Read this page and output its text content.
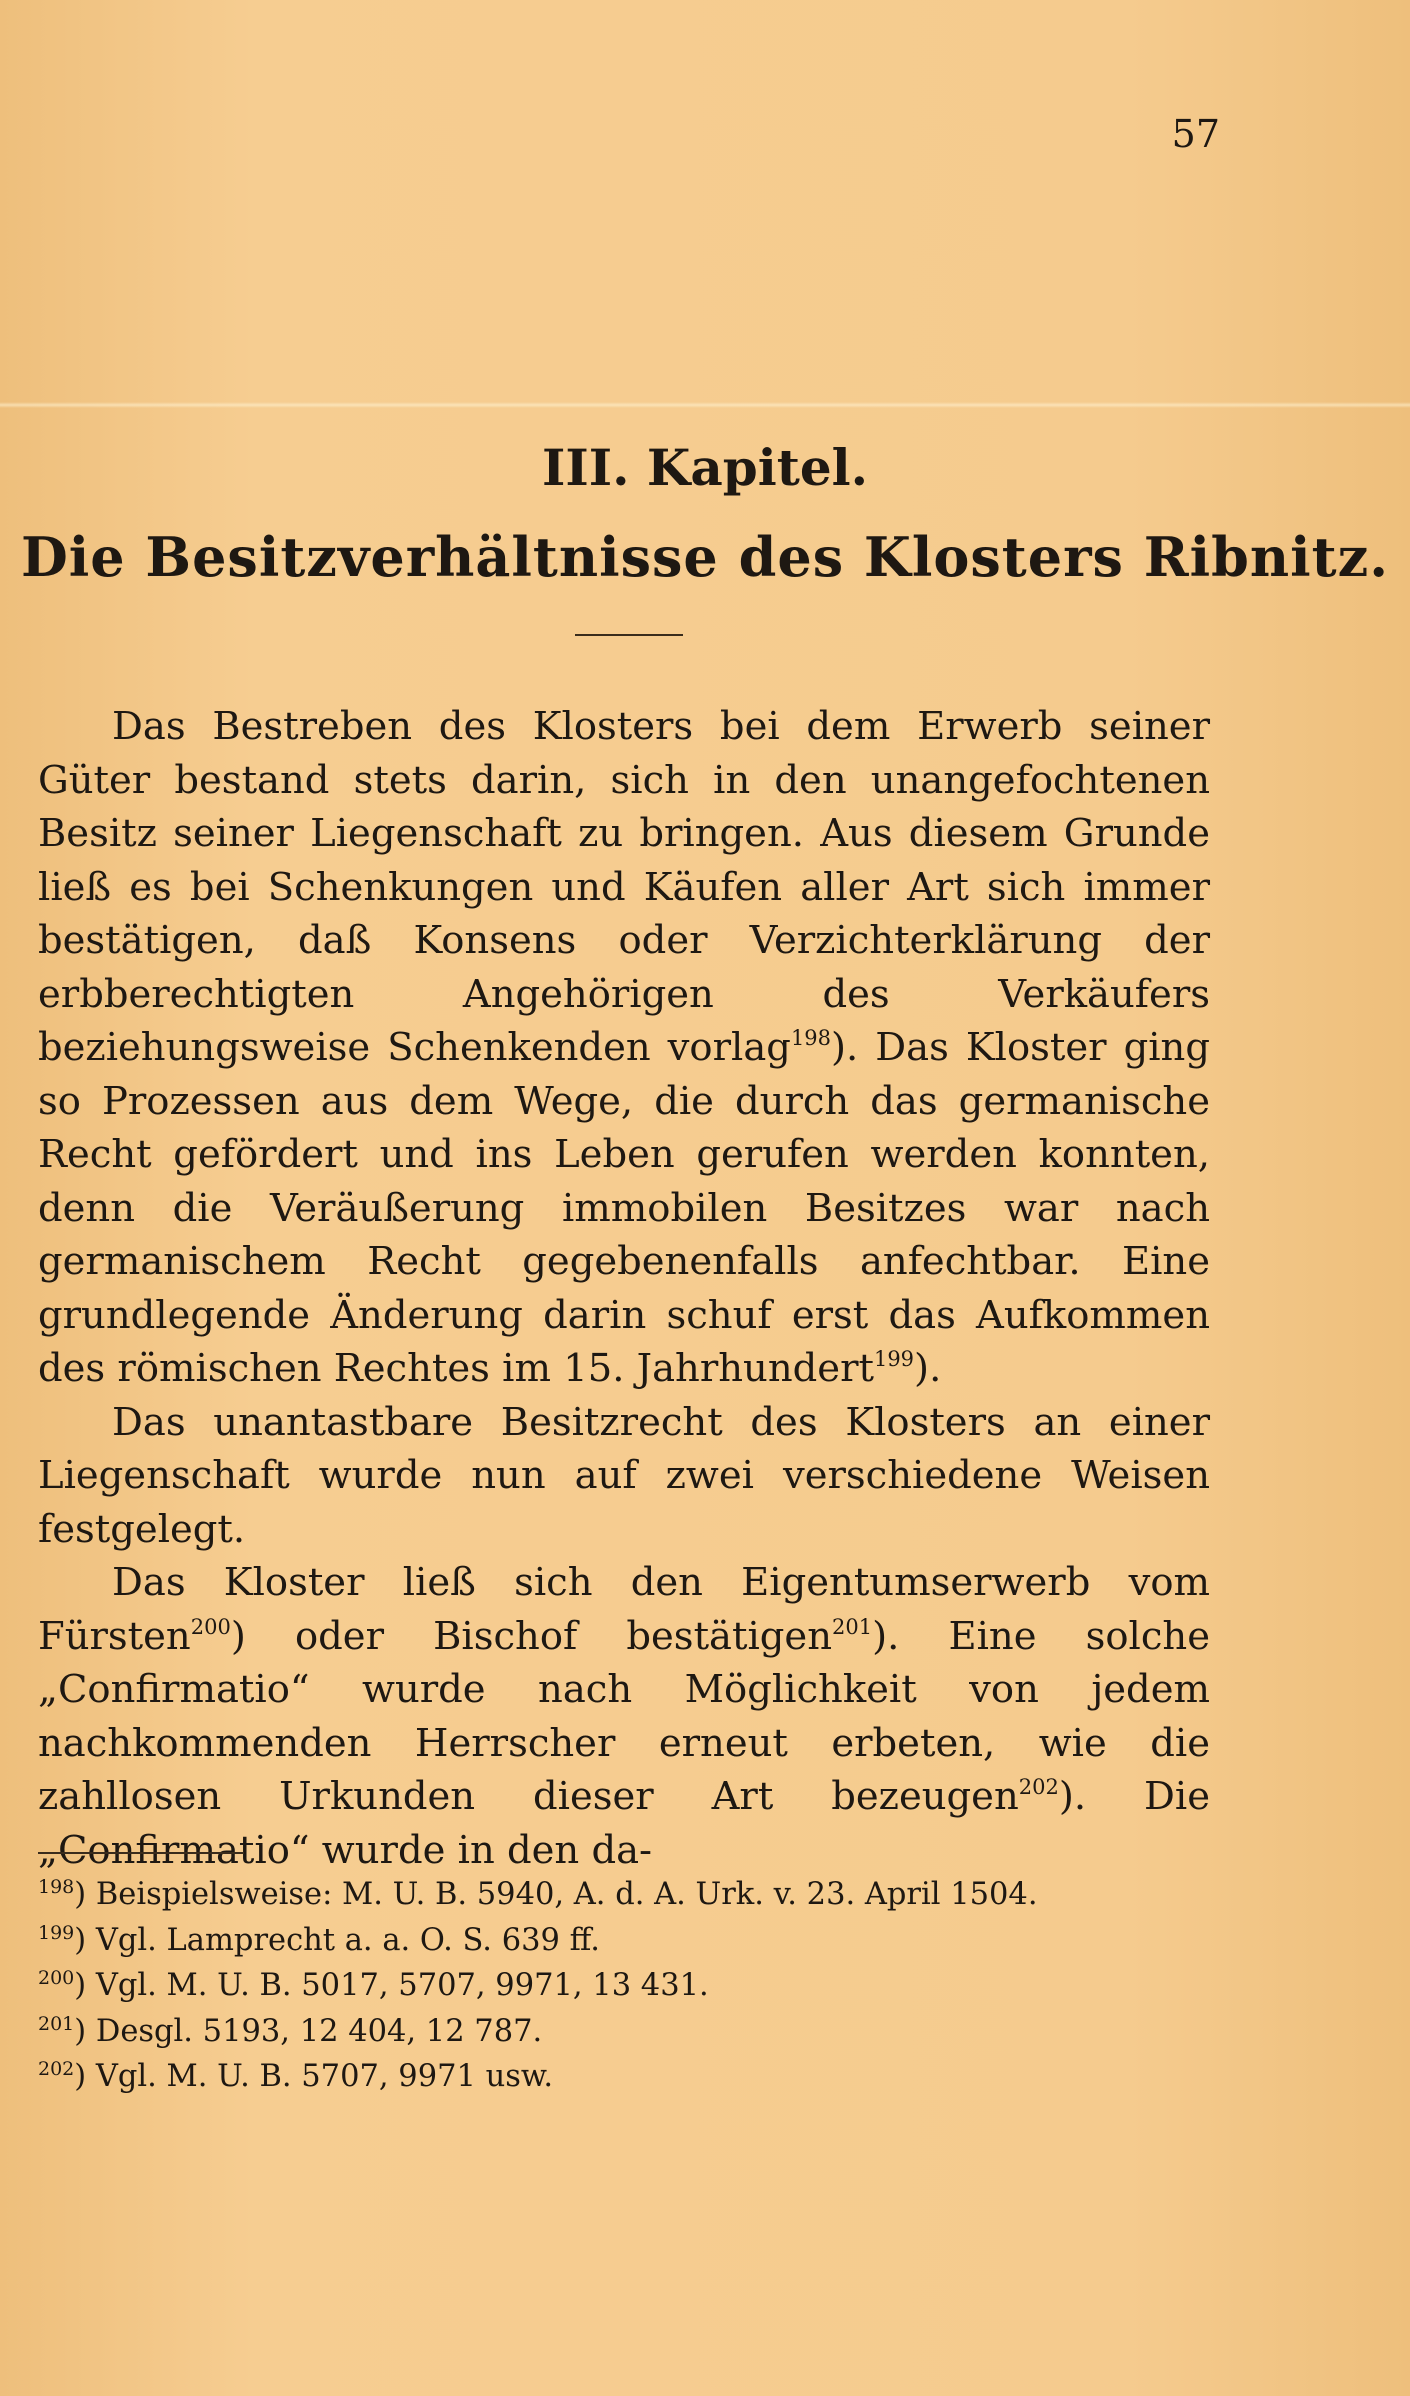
57
III. Kapitel.
Die Besitzverhältnisse des Klosters Ribnitz.

Das Bestreben des Klosters bei dem Erwerb seiner Güter bestand stets darin, sich in den unangefochtenen Besitz seiner Liegenschaft zu bringen. Aus diesem Grunde ließ es bei Schenkungen und Käufen aller Art sich immer bestätigen, daß Konsens oder Verzichterklärung der erbberechtigten Angehörigen des Verkäufers beziehungsweise Schenkenden vorlag$^{198}$). Das Kloster ging so Prozessen aus dem Wege, die durch das germanische Recht gefördert und ins Leben gerufen werden konnten, denn die Veräußerung immobilen Besitzes war nach germanischem Recht gegebenenfalls anfechtbar. Eine grundlegende Änderung darin schuf erst das Aufkommen des römischen Rechtes im 15. Jahrhundert$^{199}$).

Das unantastbare Besitzrecht des Klosters an einer Liegenschaft wurde nun auf zwei verschiedene Weisen festgelegt.

Das Kloster ließ sich den Eigentumserwerb vom Fürsten$^{200}$) oder Bischof bestätigen$^{201}$). Eine solche „Confirmatio“ wurde nach Möglichkeit von jedem nachkommenden Herrscher erneut erbeten, wie die zahllosen Urkunden dieser Art bezeugen$^{202}$). Die „Confirmatio“ wurde in den da-

$^{198}$) Beispielsweise: M. U. B. 5940, A. d. A. Urk. v. 23. April 1504.
$^{199}$) Vgl. Lamprecht a. a. O. S. 639 ff.
$^{200}$) Vgl. M. U. B. 5017, 5707, 9971, 13 431.
$^{201}$) Desgl. 5193, 12 404, 12 787.
$^{202}$) Vgl. M. U. B. 5707, 9971 usw.
